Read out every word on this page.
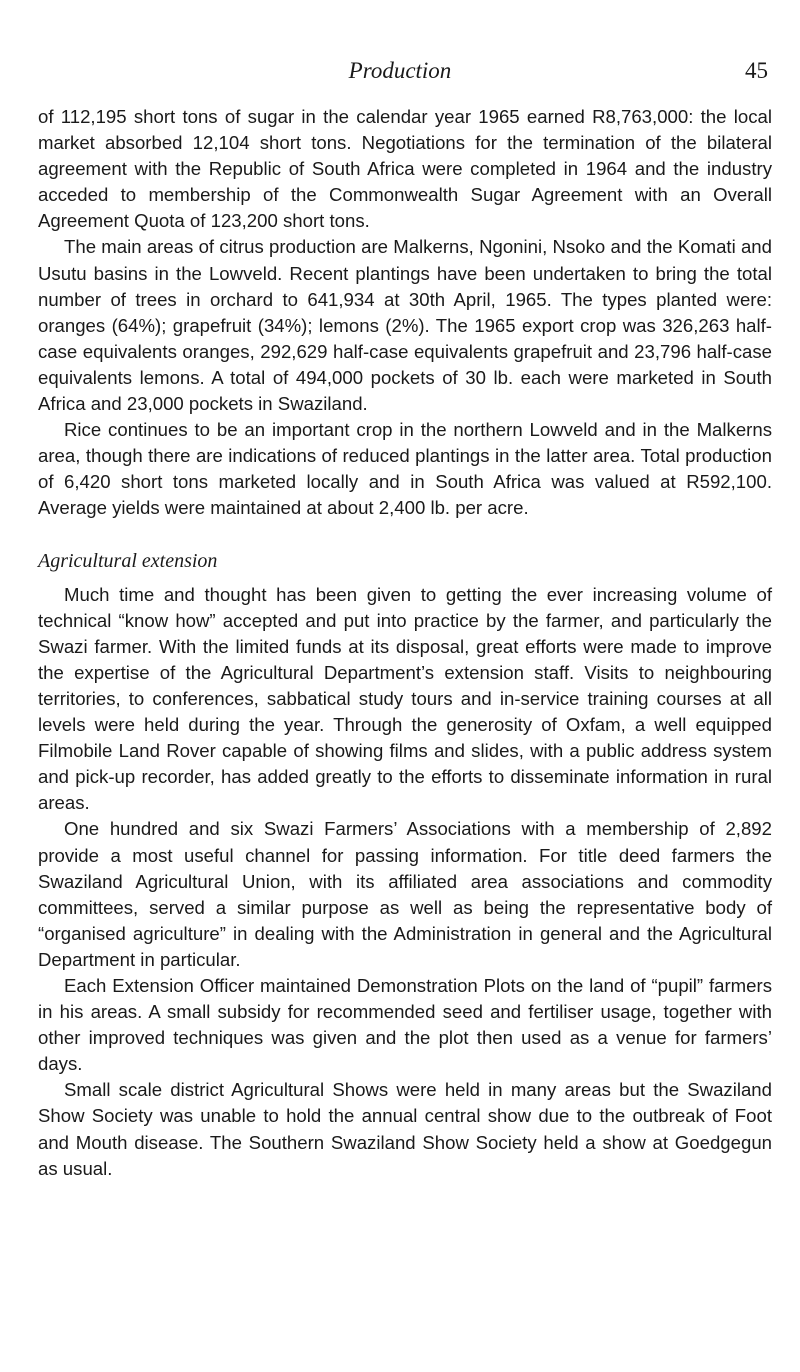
Production	45

of 112,195 short tons of sugar in the calendar year 1965 earned R8,763,000: the local market absorbed 12,104 short tons. Negotiations for the termination of the bilateral agreement with the Republic of South Africa were completed in 1964 and the industry acceded to membership of the Commonwealth Sugar Agreement with an Overall Agreement Quota of 123,200 short tons.

The main areas of citrus production are Malkerns, Ngonini, Nsoko and the Komati and Usutu basins in the Lowveld. Recent plantings have been undertaken to bring the total number of trees in orchard to 641,934 at 30th April, 1965. The types planted were: oranges (64%); grapefruit (34%); lemons (2%). The 1965 export crop was 326,263 half-case equivalents oranges, 292,629 half-case equivalents grapefruit and 23,796 half-case equivalents lemons. A total of 494,000 pockets of 30 lb. each were marketed in South Africa and 23,000 pockets in Swaziland.

Rice continues to be an important crop in the northern Lowveld and in the Malkerns area, though there are indications of reduced plantings in the latter area. Total production of 6,420 short tons marketed locally and in South Africa was valued at R592,100. Average yields were maintained at about 2,400 lb. per acre.

Agricultural extension

Much time and thought has been given to getting the ever increasing volume of technical “know how” accepted and put into practice by the farmer, and particularly the Swazi farmer. With the limited funds at its disposal, great efforts were made to improve the expertise of the Agricultural Department’s extension staff. Visits to neighbouring territories, to conferences, sabbatical study tours and in-service training courses at all levels were held during the year. Through the generosity of Oxfam, a well equipped Filmobile Land Rover capable of showing films and slides, with a public address system and pick-up recorder, has added greatly to the efforts to disseminate information in rural areas.

One hundred and six Swazi Farmers’ Associations with a membership of 2,892 provide a most useful channel for passing information. For title deed farmers the Swaziland Agricultural Union, with its affiliated area associations and commodity committees, served a similar purpose as well as being the representative body of “organised agriculture” in dealing with the Administration in general and the Agricultural Department in particular.

Each Extension Officer maintained Demonstration Plots on the land of “pupil” farmers in his areas. A small subsidy for recommended seed and fertiliser usage, together with other improved techniques was given and the plot then used as a venue for farmers’ days.

Small scale district Agricultural Shows were held in many areas but the Swaziland Show Society was unable to hold the annual central show due to the outbreak of Foot and Mouth disease. The Southern Swaziland Show Society held a show at Goedgegun as usual.
